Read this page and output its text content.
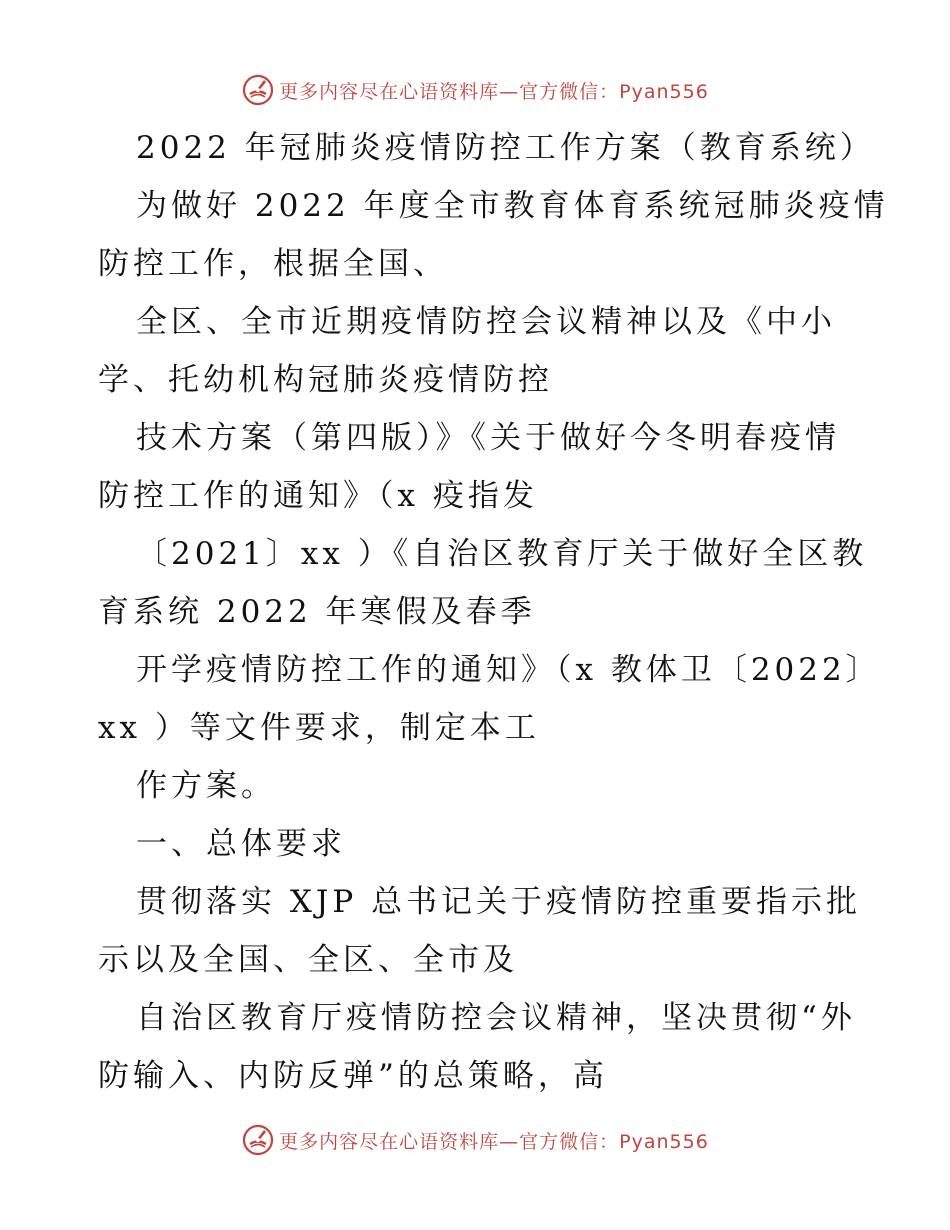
更多内容尽在心语资料库—官方微信：Pyan556
2022 年冠肺炎疫情防控工作方案（教育系统）
为做好 2022 年度全市教育体育系统冠肺炎疫情
防控工作，根据全国、
全区、全市近期疫情防控会议精神以及《中小
学、托幼机构冠肺炎疫情防控
技术方案（第四版）》《关于做好今冬明春疫情
防控工作的通知》（x 疫指发
〔2021〕xx ）《自治区教育厅关于做好全区教
育系统 2022 年寒假及春季
开学疫情防控工作的通知》（x 教体卫〔2022〕
xx ）等文件要求，制定本工
作方案。
一、总体要求
贯彻落实 XJP 总书记关于疫情防控重要指示批
示以及全国、全区、全市及
自治区教育厅疫情防控会议精神，坚决贯彻“外
防输入、内防反弹”的总策略，高
更多内容尽在心语资料库—官方微信：Pyan556
